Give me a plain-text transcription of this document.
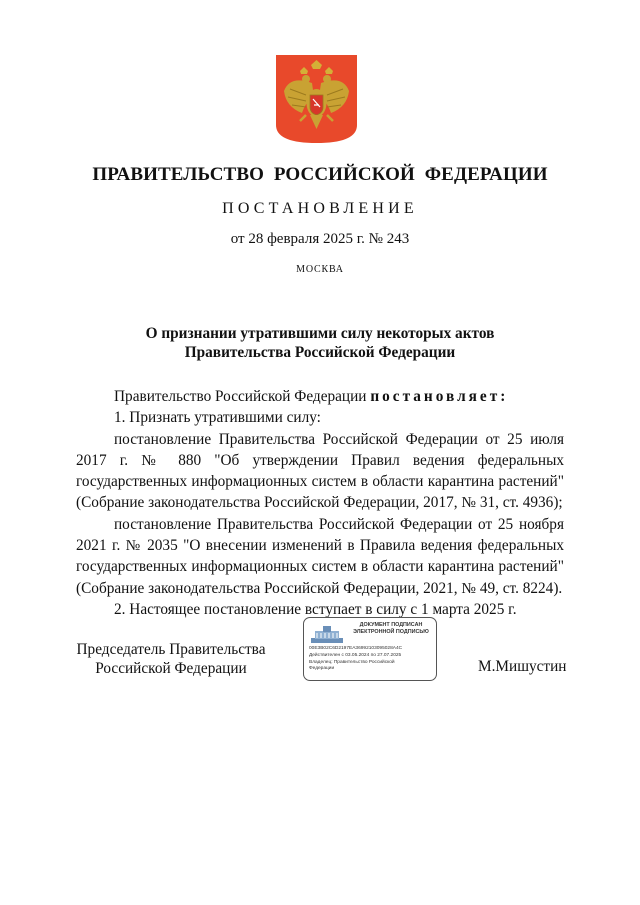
ПРАВИТЕЛЬСТВО РОССИЙСКОЙ ФЕДЕРАЦИИ
ПОСТАНОВЛЕНИЕ
от 28 февраля 2025 г. № 243
МОСКВА
О признании утратившими силу некоторых актов
Правительства Российской Федерации

Правительство Российской Федерации постановляет:

1. Признать утратившими силу:

постановление Правительства Российской Федерации от 25 июля 2017 г. № 880 "Об утверждении Правил ведения федеральных государственных информационных систем в области карантина растений" (Собрание законодательства Российской Федерации, 2017, № 31, ст. 4936);

постановление Правительства Российской Федерации от 25 ноября 2021 г. № 2035 "О внесении изменений в Правила ведения федеральных государственных информационных систем в области карантина растений" (Собрание законодательства Российской Федерации, 2021, № 49, ст. 8224).

2. Настоящее постановление вступает в силу с 1 марта 2025 г.

Председатель Правительства
Российской Федерации
ДОКУМЕНТ ПОДПИСАН
ЭЛЕКТРОННОЙ ПОДПИСЬЮ
00E3B02C6D2197EA36992103095028A4C
Действителен с 03.05.2024 по 27.07.2025
Владелец: Правительство Российской
Федерации	М.Мишустин
